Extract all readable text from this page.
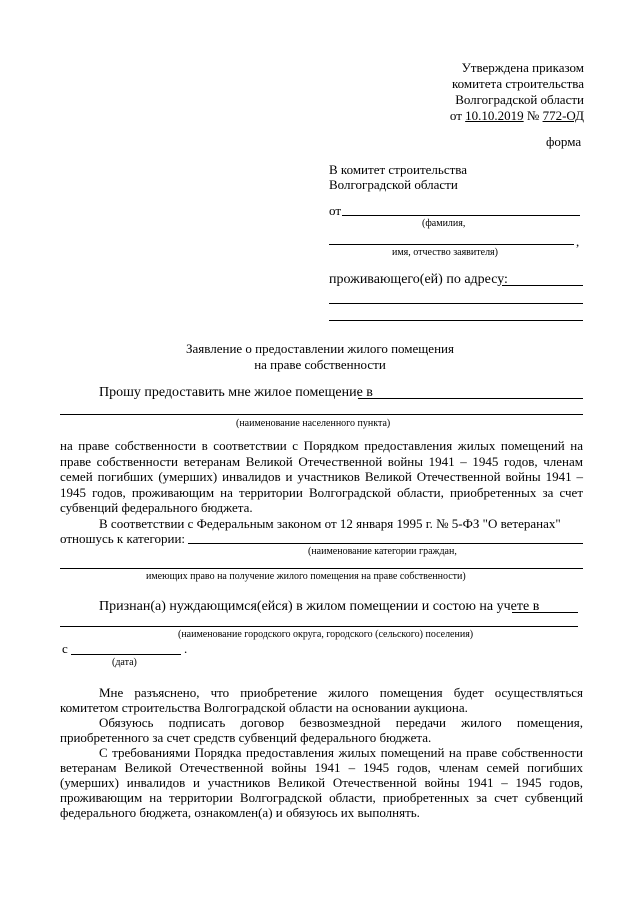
Утверждена приказом
комитета строительства
Волгоградской области
от 10.10.2019 № 772-ОД
форма
В комитет строительства
Волгоградской области
от
(фамилия,
,
имя, отчество заявителя)
проживающего(ей) по адресу:
Заявление о предоставлении жилого помещения
на праве собственности
Прошу предоставить мне жилое помещение в
(наименование населенного пункта)
на праве собственности в соответствии с Порядком предоставления жилых помещений на праве собственности ветеранам Великой Отечественной войны 1941 – 1945 годов, членам семей погибших (умерших) инвалидов и участников Великой Отечественной войны 1941 – 1945 годов, проживающим на территории Волгоградской области, приобретенных за счет субвенций федерального бюджета.
В соответствии с Федеральным законом от 12 января 1995 г. № 5-ФЗ "О ветеранах"
отношусь к категории:
(наименование категории граждан,
имеющих право на получение жилого помещения на праве собственности)
Признан(а) нуждающимся(ейся) в жилом помещении и состою на учете в
(наименование городского округа, городского (сельского) поселения)
с	.
(дата)
Мне разъяснено, что приобретение жилого помещения будет осуществляться комитетом строительства Волгоградской области на основании аукциона.
Обязуюсь подписать договор безвозмездной передачи жилого помещения, приобретенного за счет средств субвенций федерального бюджета.
С требованиями Порядка предоставления жилых помещений на праве собственности ветеранам Великой Отечественной войны 1941 – 1945 годов, членам семей погибших (умерших) инвалидов и участников Великой Отечественной войны 1941 – 1945 годов, проживающим на территории Волгоградской области, приобретенных за счет субвенций федерального бюджета, ознакомлен(а) и обязуюсь их выполнять.
